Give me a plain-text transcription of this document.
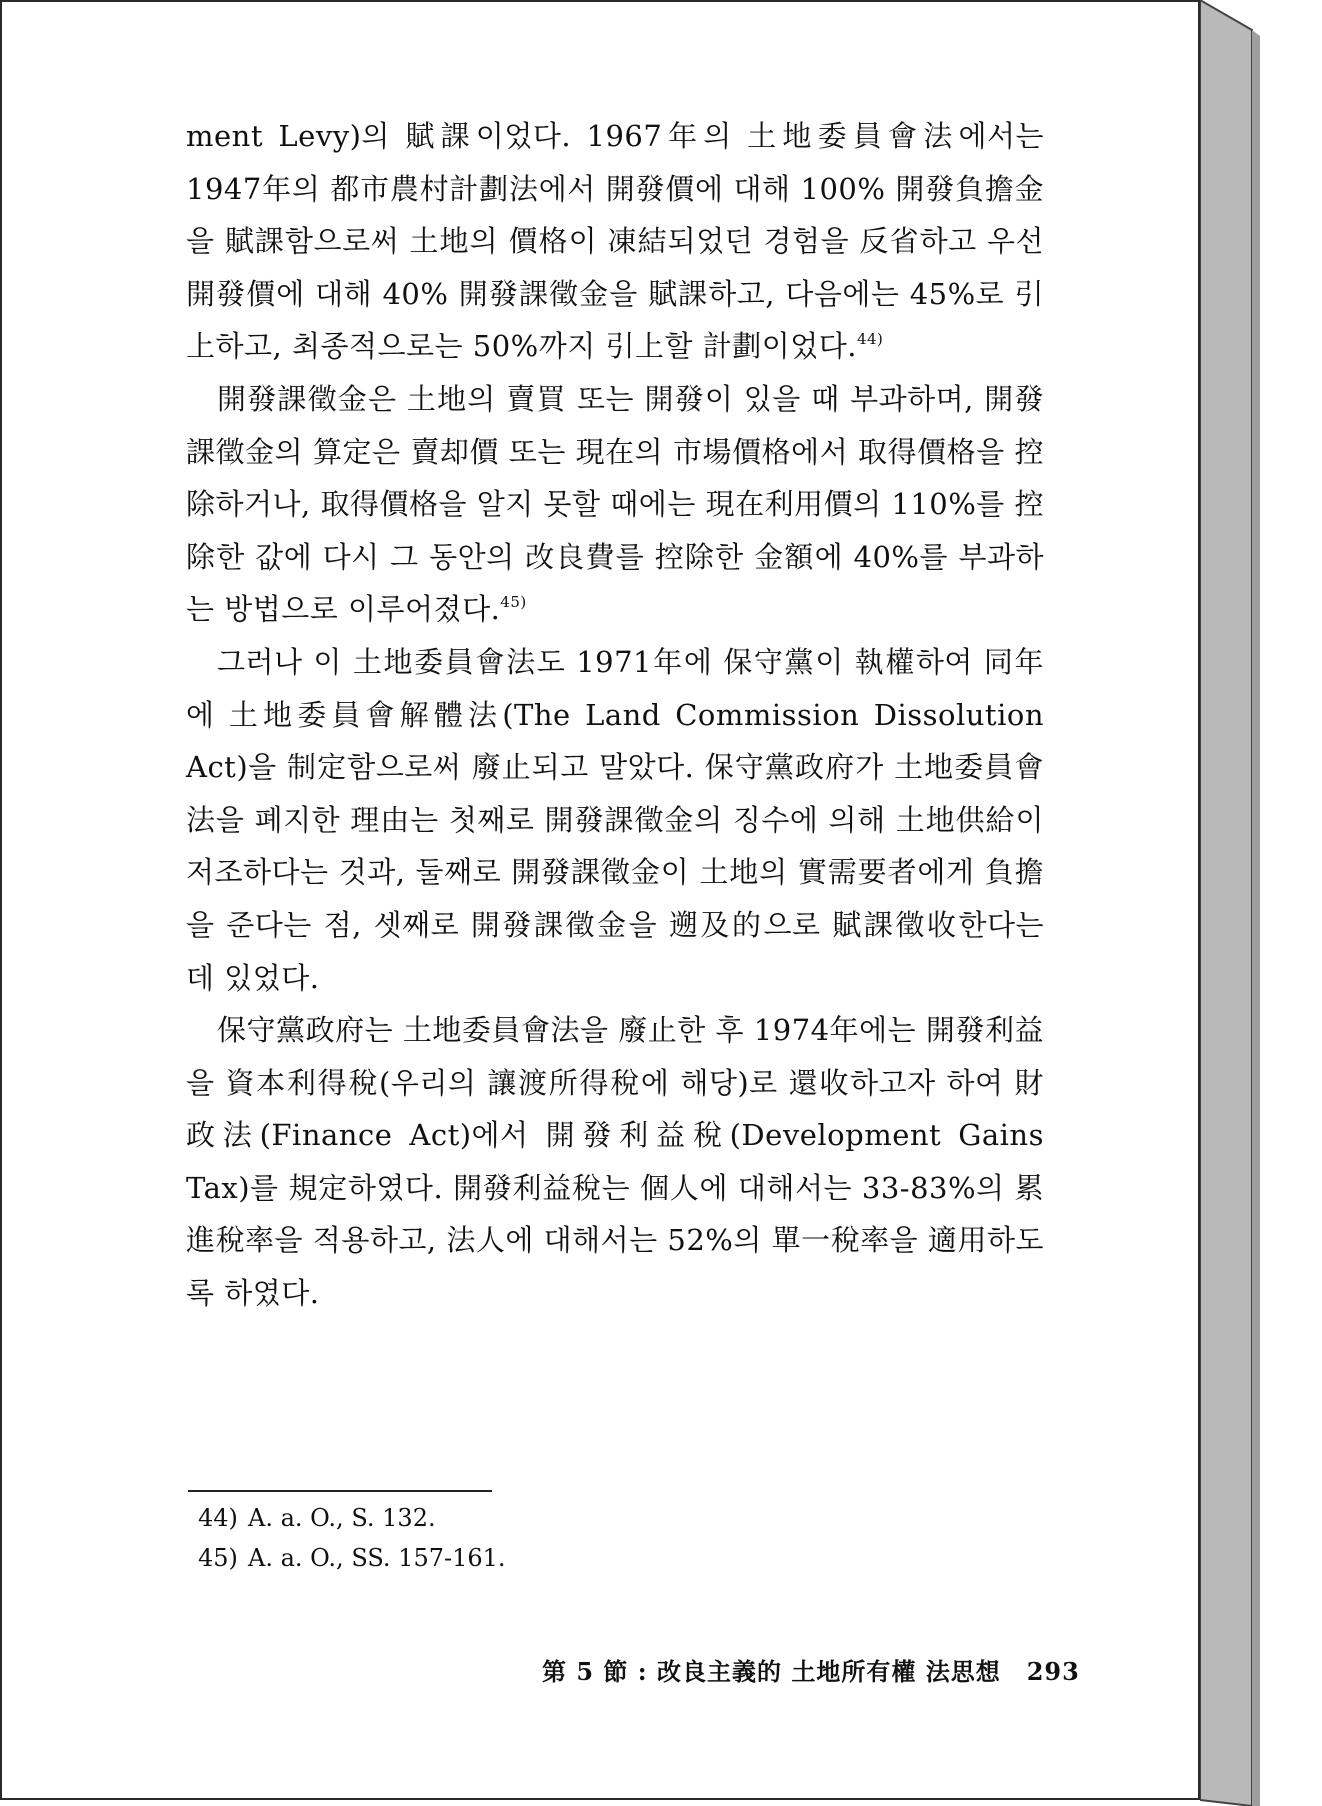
ment Levy)의 賦課이었다. 1967年의 土地委員會法에서는 1947年의 都市農村計劃法에서 開發價에 대해 100% 開發負擔金을 賦課함으로써 土地의 價格이 凍結되었던 경험을 反省하고 우선 開發價에 대해 40% 開發課徵金을 賦課하고, 다음에는 45%로 引上하고, 최종적으로는 50%까지 引上할 計劃이었다.$^{44)}$

開發課徵金은 土地의 賣買 또는 開發이 있을 때 부과하며, 開發課徵金의 算定은 賣却價 또는 現在의 市場價格에서 取得價格을 控除하거나, 取得價格을 알지 못할 때에는 現在利用價의 110%를 控除한 값에 다시 그 동안의 改良費를 控除한 金額에 40%를 부과하는 방법으로 이루어졌다.$^{45)}$

그러나 이 土地委員會法도 1971年에 保守黨이 執權하여 同年에 土地委員會解體法(The Land Commission Dissolution Act)을 制定함으로써 廢止되고 말았다. 保守黨政府가 土地委員會法을 폐지한 理由는 첫째로 開發課徵金의 징수에 의해 土地供給이 저조하다는 것과, 둘째로 開發課徵金이 土地의 實需要者에게 負擔을 준다는 점, 셋째로 開發課徵金을 遡及的으로 賦課徵收한다는 데 있었다.

保守黨政府는 土地委員會法을 廢止한 후 1974年에는 開發利益을 資本利得稅(우리의 讓渡所得稅에 해당)로 還收하고자 하여 財政法(Finance Act)에서 開發利益稅(Development Gains Tax)를 規定하였다. 開發利益稅는 個人에 대해서는 33-83%의 累進稅率을 적용하고, 法人에 대해서는 52%의 單一稅率을 適用하도록 하였다.

44) A. a. O., S. 132.
45) A. a. O., SS. 157-161.
第 5 節 : 改良主義的 土地所有權 法思想 293
